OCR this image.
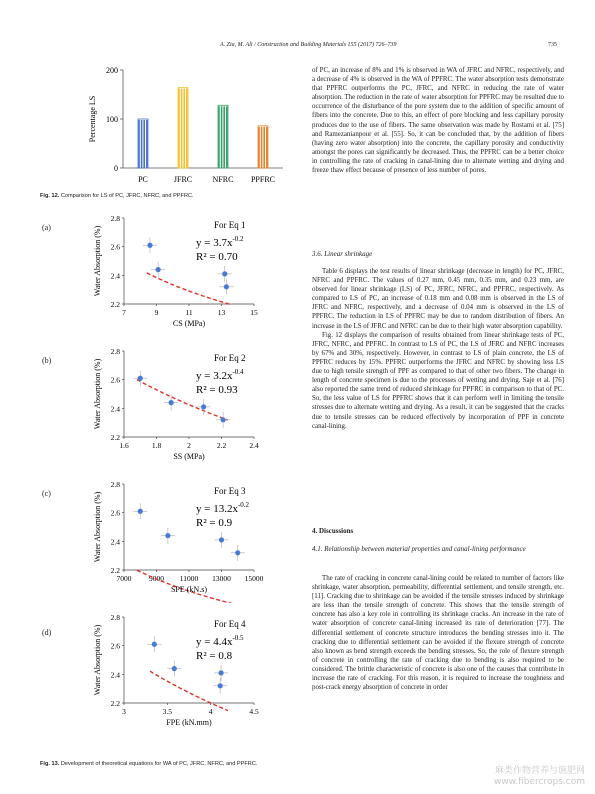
A. Zia, M. Ali / Construction and Building Materials 155 (2017) 726–739	735
0
100
200
PC	JFRC	NFRC PPFRC
Percentage LS
Fig. 12. Comparison for LS of PC, JFRC, NFRC, and PPFRC.
2.2
2.4
2.6
2.8
7	9	11	13	15
For Eq 1
$y = 3.7x^{-0.2}$
R² = 0.70
CS (MPa)
Water Absorption (%)
2.2
2.4
2.6
2.8
1.6	1.8	2	2.2	2.4
For Eq 2
$y = 3.2x^{-0.4}$
R² = 0.93
SS (MPa)
Water Absorption (%)
2.2
2.4
2.6
2.8
7000 9000 11000 13000 15000
For Eq 3
$y = 13.2x^{-0.2}$
R² = 0.9
SPE (kN.s)
Water Absorption (%)
2.2
2.4
2.6
2.8
3	3.5	4	4.5
For Eq 4
$y = 4.4x^{-0.5}$
R² = 0.8
FPE (kN.mm)
Water Absorption (%)
(a)
(b)
(c)
(d)
Fig. 13. Development of theoretical equations for WA of PC, JFRC, NFRC, and PPFRC.

of PC, an increase of 8% and 1% is observed in WA of JFRC and NFRC, respectively, and a decrease of 4% is observed in the WA of PPFRC. The water absorption tests demonstrate that PPFRC outperforms the PC, JFRC, and NFRC in reducing the rate of water absorption. The reduction in the rate of water absorption for PPFRC may be resulted due to occurrence of the disturbance of the pore system due to the addition of specific amount of fibers into the concrete. Due to this, an effect of pore blocking and less capillary porosity produces due to the use of fibers. The same observation was made by Rostami et al. [75] and Ramezanianpour et al. [55]. So, it can be concluded that, by the addition of fibers (having zero water absorption) into the concrete, the capillary porosity and conductivity amongst the pores can significantly be decreased. Thus, the PPFRC can be a better choice in controlling the rate of cracking in canal-lining due to alternate wetting and drying and freeze thaw effect because of presence of less number of pores.

3.6. Linear shrinkage

Table 6 displays the test results of linear shrinkage (decrease in length) for PC, JFRC, NFRC and PPFRC. The values of 0.27 mm, 0.45 mm, 0.35 mm, and 0.23 mm, are observed for linear shrinkage (LS) of PC, JFRC, NFRC, and PPFRC, respectively. As compared to LS of PC, an increase of 0.18 mm and 0.08 mm is observed in the LS of JFRC and NFRC, respectively, and a decrease of 0.04 mm is observed in the LS of PPFRC. The reduction in LS of PPFRC may be due to random distribution of fibers. An increase in the LS of JFRC and NFRC can be due to their high water absorption capability.

Fig. 12 displays the comparison of results obtained from linear shrinkage tests of PC, JFRC, NFRC, and PPFRC. In contrast to LS of PC, the LS of JFRC and NFRC increases by 67% and 30%, respectively. However, in contrast to LS of plain concrete, the LS of PPFRC reduces by 15%. PPFRC outperforms the JFRC and NFRC by showing less LS due to high tensile strength of PPF as compared to that of other two fibers. The change in length of concrete specimen is due to the processes of wetting and drying. Saje et al. [76] also reported the same trend of reduced shrinkage for PPFRC in comparison to that of PC. So, the less value of LS for PPFRC shows that it can perform well in limiting the tensile stresses due to alternate wetting and drying. As a result, it can be suggested that the cracks due to tensile stresses can be reduced effectively by incorporation of PPF in concrete canal-lining.

4. Discussions
4.1. Relationship between material properties and canal-lining performance

The rate of cracking in concrete canal-lining could be related to number of factors like shrinkage, water absorption, permeability, differential settlement, and tensile strength, etc. [11]. Cracking due to shrinkage can be avoided if the tensile stresses induced by shrinkage are less than the tensile strength of concrete. This shows that the tensile strength of concrete has also a key role in controlling its shrinkage cracks. An increase in the rate of water absorption of concrete canal-lining increased its rate of deterioration [77]. The differential settlement of concrete structure introduces the bending stresses into it. The cracking due to differential settlement can be avoided if the flexure strength of concrete also known as bend strength exceeds the bending stresses. So, the role of flexure strength of concrete in controlling the rate of cracking due to bending is also required to be considered. The brittle characteristic of concrete is also one of the causes that contribute in increase the rate of cracking. For this reason, it is required to increase the toughness and post-crack energy absorption of concrete in order

麻类作物营养与施肥网
www.fibercrops.com
